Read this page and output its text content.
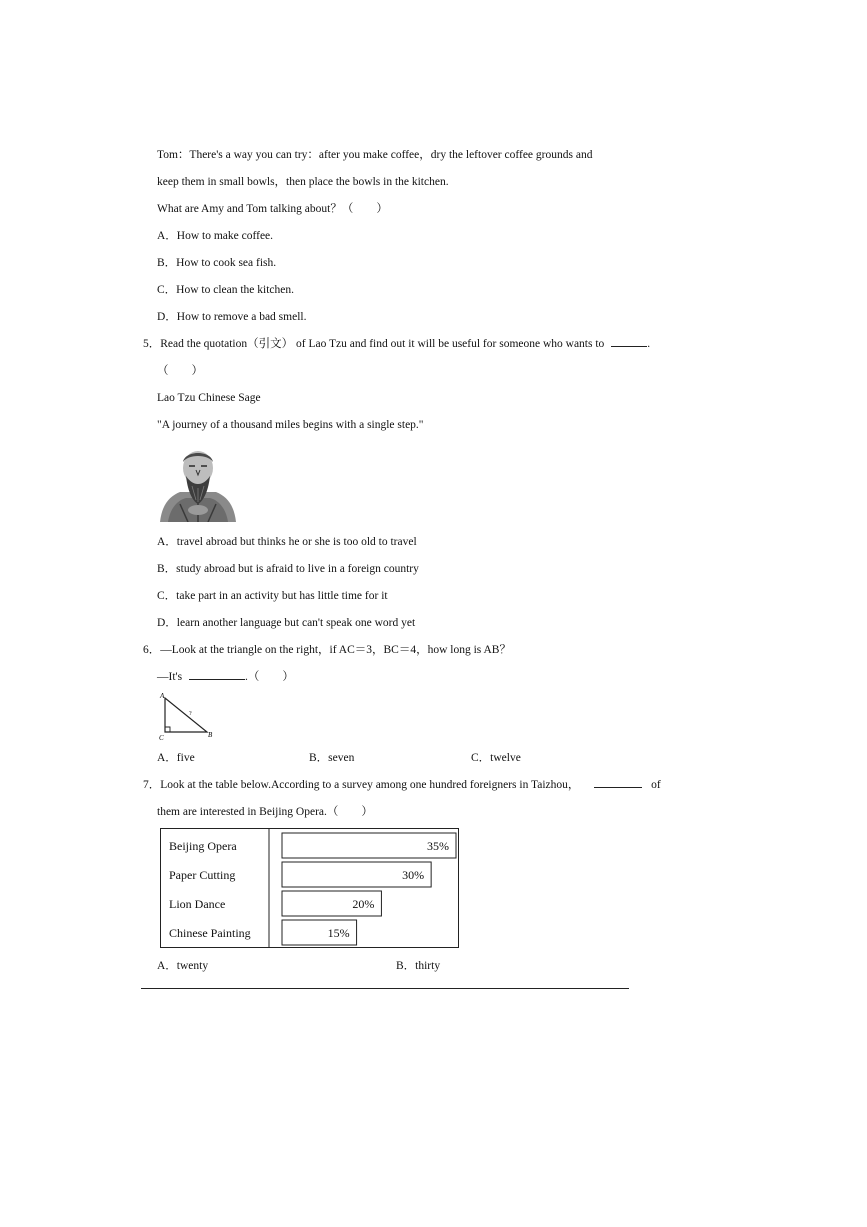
Tom：There's a way you can try：after you make coffee，dry the leftover coffee grounds and
keep them in small bowls，then place the bowls in the kitchen.
What are Amy and Tom talking about？（　　）
A．How to make coffee.
B．How to cook sea fish.
C．How to clean the kitchen.
D．How to remove a bad smell.
5．Read the quotation（引文） of Lao Tzu and find out it will be useful for someone who wants to	.
（　　）
Lao Tzu Chinese Sage
"A journey of a thousand miles begins with a single step."
A．travel abroad but thinks he or she is too old to travel
B．study abroad but is afraid to live in a foreign country
C．take part in an activity but has little time for it
D．learn another language but can't speak one word yet
6．—Look at the triangle on the right，if AC＝3，BC＝4，how long is AB？
—It's	.（　　）
A
C	B
?
A．five	B．seven	C．twelve
7．Look at the table below.According to a survey among one hundred foreigners in Taizhou，	of
them are interested in Beijing Opera.（　　）
Beijing Opera	35%
Paper Cutting	30%
Lion Dance	20%
Chinese Painting	15%
A．twenty	B．thirty
